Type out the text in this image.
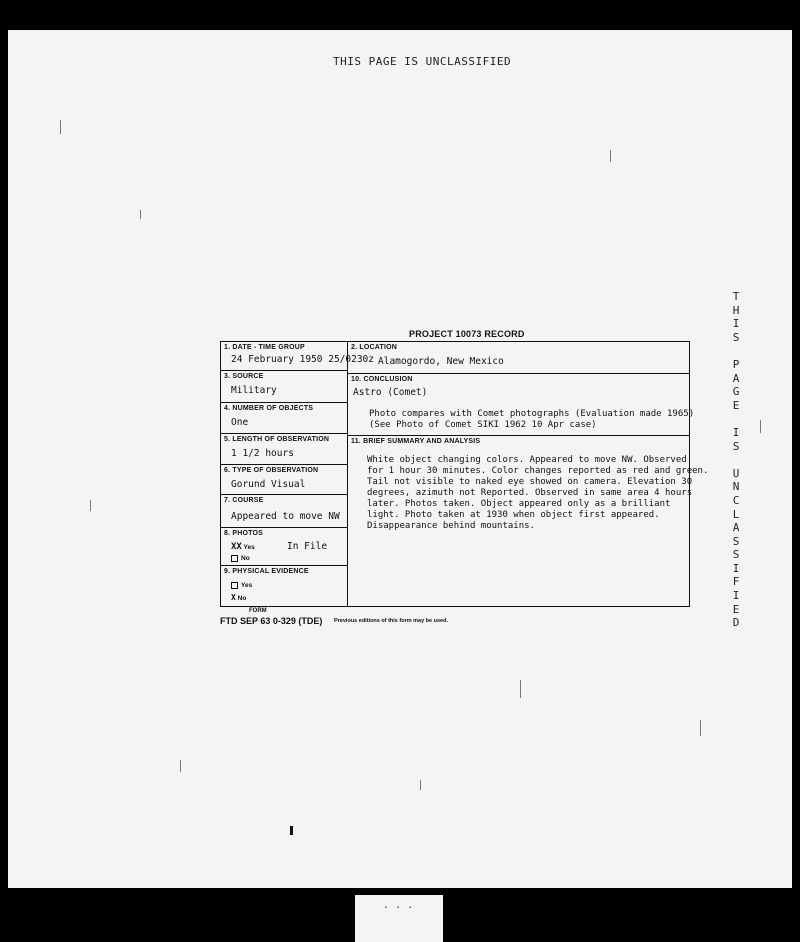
THIS PAGE IS UNCLASSIFIED
T
H
I
S

P
A
G
E

I
S

U
N
C
L
A
S
S
I
F
I
E
D
PROJECT 10073 RECORD
1. DATE - TIME GROUP
24 February 1950 25/0230z
3. SOURCE
Military
4. NUMBER OF OBJECTS
One
5. LENGTH OF OBSERVATION
1 1/2 hours
6. TYPE OF OBSERVATION
Gorund Visual
7. COURSE
Appeared to move NW
8. PHOTOS
XX Yes
No
In File
9. PHYSICAL EVIDENCE
Yes
X No
2. LOCATION
Alamogordo, New Mexico
10. CONCLUSION
Astro (Comet)
Photo compares with Comet photographs (Evaluation made 1965)
(See Photo of Comet SIKI 1962 10 Apr case)
11. BRIEF SUMMARY AND ANALYSIS
White object changing colors. Appeared to move NW. Observed
for 1 hour 30 minutes. Color changes reported as red and green.
Tail not visible to naked eye showed on camera. Elevation 30
degrees, azimuth not Reported. Observed in same area 4 hours
later. Photos taken. Object appeared only as a brilliant
light. Photo taken at 1930 when object first appeared.
Disappearance behind mountains.
FORM
FTD SEP 63 0-329 (TDE) Previous editions of this form may be used.
. . .
